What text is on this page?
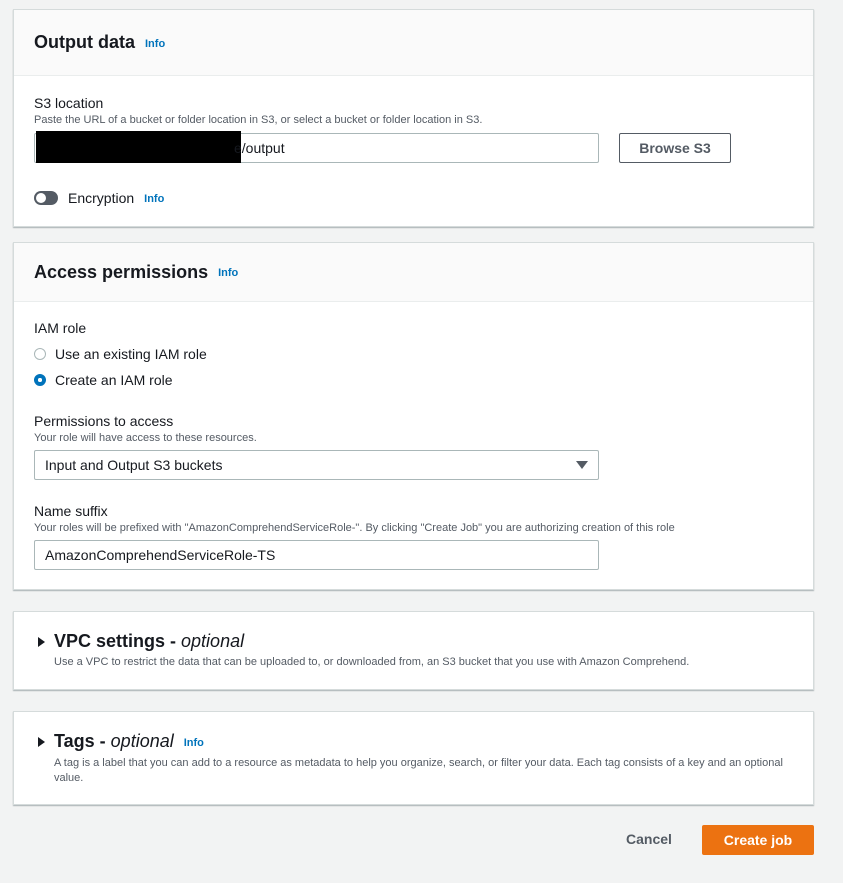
Output data Info
S3 location
Paste the URL of a bucket or folder location in S3, or select a bucket or folder location in S3.
e/output	Browse S3
Encryption Info
Access permissions Info
IAM role
Use an existing IAM role
Create an IAM role
Permissions to access
Your role will have access to these resources.
Input and Output S3 buckets
Name suffix
Your roles will be prefixed with "AmazonComprehendServiceRole-". By clicking "Create Job" you are authorizing creation of this role
AmazonComprehendServiceRole-TS
VPC settings - optional
Use a VPC to restrict the data that can be uploaded to, or downloaded from, an S3 bucket that you use with Amazon Comprehend.
Tags - optional Info
A tag is a label that you can add to a resource as metadata to help you organize, search, or filter your data. Each tag consists of a key and an optional value.
Cancel	Create job
